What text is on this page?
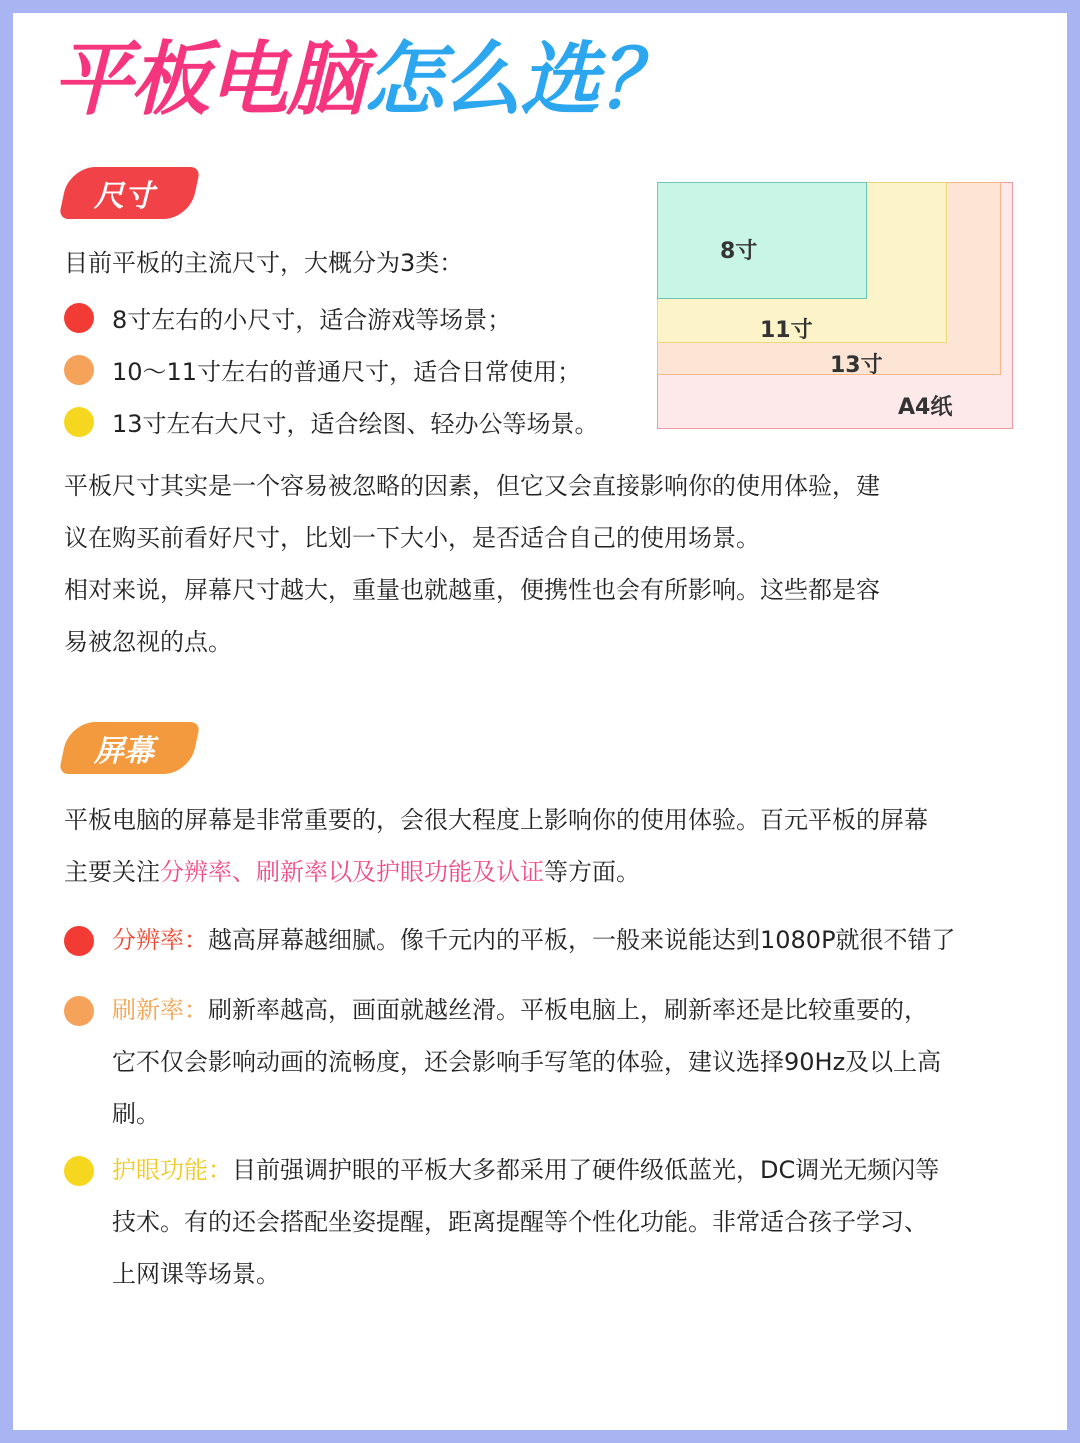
平板电脑怎么选？
尺寸
目前平板的主流尺寸，大概分为3类：
8寸左右的小尺寸，适合游戏等场景；
10～11寸左右的普通尺寸，适合日常使用；
13寸左右大尺寸，适合绘图、轻办公等场景。
8寸
11寸
13寸
A4纸
平板尺寸其实是一个容易被忽略的因素，但它又会直接影响你的使用体验，建
议在购买前看好尺寸，比划一下大小，是否适合自己的使用场景。
相对来说，屏幕尺寸越大，重量也就越重，便携性也会有所影响。这些都是容
易被忽视的点。
屏幕
平板电脑的屏幕是非常重要的，会很大程度上影响你的使用体验。百元平板的屏幕
主要关注分辨率、刷新率以及护眼功能及认证等方面。
分辨率：越高屏幕越细腻。像千元内的平板，一般来说能达到1080P就很不错了
刷新率：刷新率越高，画面就越丝滑。平板电脑上，刷新率还是比较重要的，
它不仅会影响动画的流畅度，还会影响手写笔的体验，建议选择90Hz及以上高
刷。
护眼功能：目前强调护眼的平板大多都采用了硬件级低蓝光，DC调光无频闪等
技术。有的还会搭配坐姿提醒，距离提醒等个性化功能。非常适合孩子学习、
上网课等场景。
